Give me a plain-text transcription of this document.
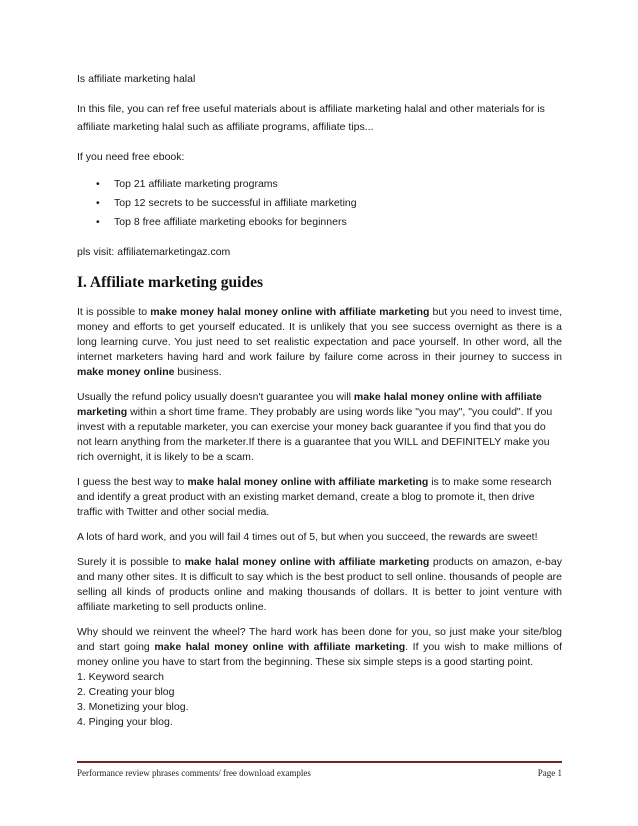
Is affiliate marketing halal

In this file, you can ref free useful materials about is affiliate marketing halal and other materials for is

affiliate marketing halal such as affiliate programs, affiliate tips...

If you need free ebook:

• Top 21 affiliate marketing programs
• Top 12 secrets to be successful in affiliate marketing
• Top 8 free affiliate marketing ebooks for beginners

pls visit: affiliatemarketingaz.com

I. Affiliate marketing guides

It is possible to make money halal money online with affiliate marketing but you need to invest time, money and efforts to get yourself educated. It is unlikely that you see success overnight as there is a long learning curve. You just need to set realistic expectation and pace yourself. In other word, all the internet marketers having hard and work failure by failure come across in their journey to success in make money online business.

Usually the refund policy usually doesn't guarantee you will make halal money online with affiliate marketing within a short time frame. They probably are using words like "you may", "you could". If you invest with a reputable marketer, you can exercise your money back guarantee if you find that you do not learn anything from the marketer.If there is a guarantee that you WILL and DEFINITELY make you rich overnight, it is likely to be a scam.

I guess the best way to make halal money online with affiliate marketing is to make some research and identify a great product with an existing market demand, create a blog to promote it, then drive traffic with Twitter and other social media.

A lots of hard work, and you will fail 4 times out of 5, but when you succeed, the rewards are sweet!

Surely it is possible to make halal money online with affiliate marketing products on amazon, e-bay and many other sites. It is difficult to say which is the best product to sell online. thousands of people are selling all kinds of products online and making thousands of dollars. It is better to joint venture with affiliate marketing to sell products online.

Why should we reinvent the wheel? The hard work has been done for you, so just make your site/blog and start going make halal money online with affiliate marketing. If you wish to make millions of money online you have to start from the beginning. These six simple steps is a good starting point.

1. Keyword search

2. Creating your blog

3. Monetizing your blog.

4. Pinging your blog.

Performance review phrases comments/ free download examples	Page 1
